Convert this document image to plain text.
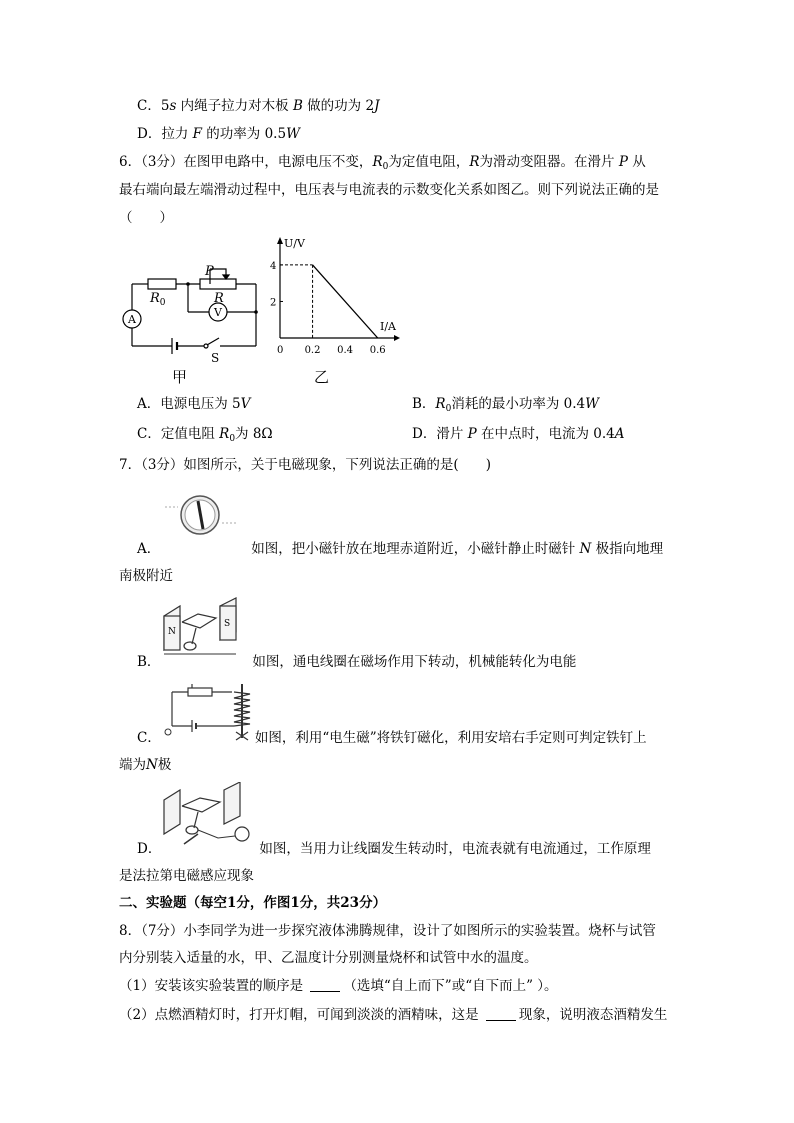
C．5s 内绳子拉力对木板 B 做的功为 2J
D．拉力 F 的功率为 0.5W
6．（3分）在图甲电路中，电源电压不变，$R_0$为定值电阻，R为滑动变阻器。在滑片 P 从
最右端向最左端滑动过程中，电压表与电流表的示数变化关系如图乙。则下列说法正确的是
（　　）
$R_0$
P
R
A
V
S
甲
4
2
0 0.2 0.4 0.6
U/V
I/A
乙
A．电源电压为 5V	B．$R_0$消耗的最小功率为 0.4W
C．定值电阻 $R_0$为 8Ω	D．滑片 P 在中点时，电流为 0.4A
7．（3分）如图所示，关于电磁现象，下列说法正确的是(　　)
A．	如图，把小磁针放在地理赤道附近，小磁针静止时磁针 N 极指向地理
南极附近
N
S
B．	如图，通电线圈在磁场作用下转动，机械能转化为电能
C．	如图，利用“电生磁”将铁钉磁化，利用安培右手定则可判定铁钉上
端为N极
D．	如图，当用力让线圈发生转动时，电流表就有电流通过，工作原理
是法拉第电磁感应现象
二、实验题（每空1分，作图1分，共23分）
8．（7分）小李同学为进一步探究液体沸腾规律，设计了如图所示的实验装置。烧杯与试管
内分别装入适量的水，甲、乙温度计分别测量烧杯和试管中水的温度。
（1）安装该实验装置的顺序是	（选填“自上而下”或“自下而上” ）。
（2）点燃酒精灯时，打开灯帽，可闻到淡淡的酒精味，这是	现象，说明液态酒精发生
